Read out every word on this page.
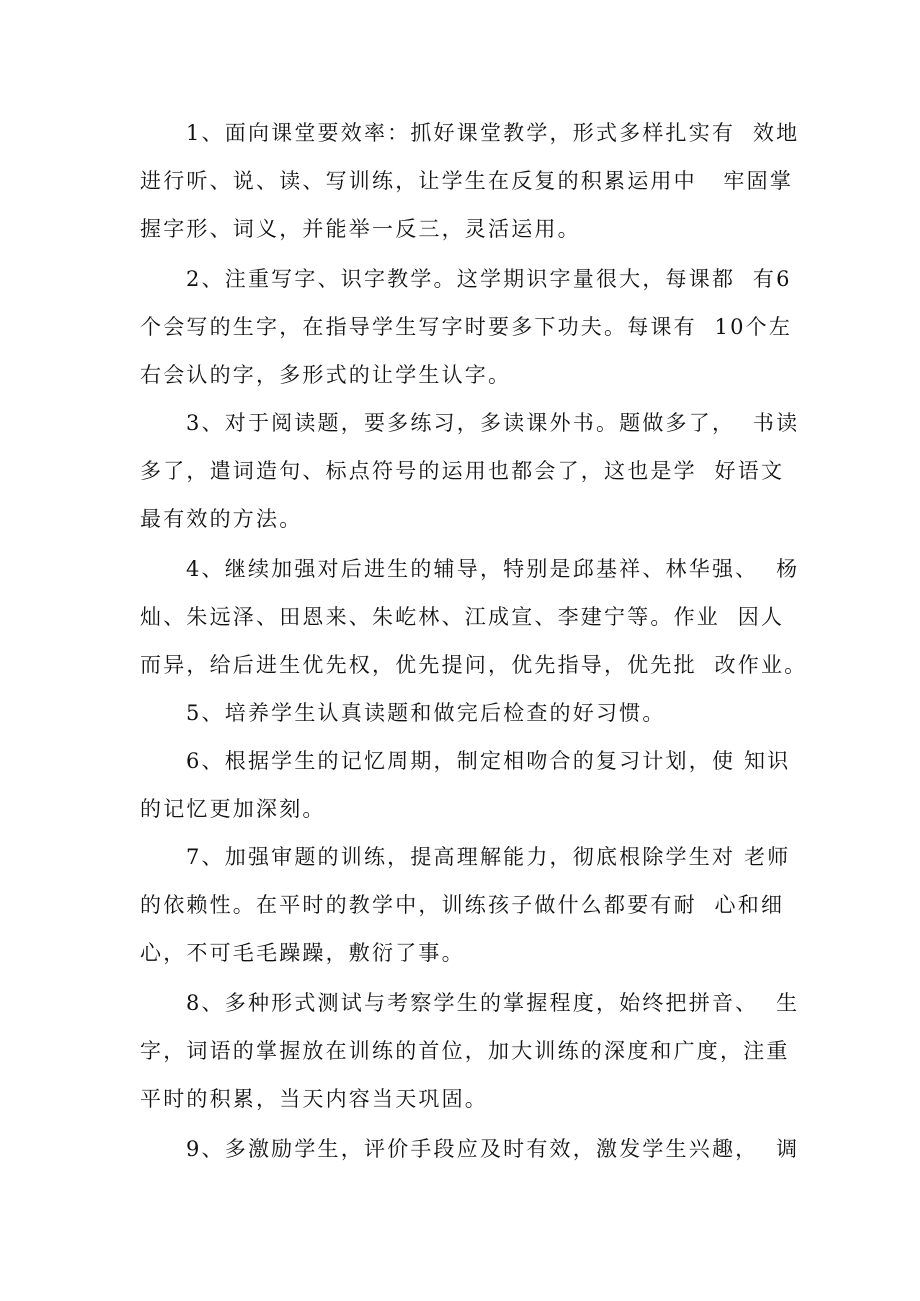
1、面向课堂要效率：抓好课堂教学，形式多样扎实有  效地
进行听、说、读、写训练，让学生在反复的积累运用中   牢固掌
握字形、词义，并能举一反三，灵活运用。
2、注重写字、识字教学。这学期识字量很大，每课都  有6
个会写的生字，在指导学生写字时要多下功夫。每课有  10个左
右会认的字，多形式的让学生认字。
3、对于阅读题，要多练习，多读课外书。题做多了，  书读
多了，遣词造句、标点符号的运用也都会了，这也是学  好语文
最有效的方法。
4、继续加强对后进生的辅导，特别是邱基祥、林华强、  杨
灿、朱远泽、田恩来、朱屹林、江成宣、李建宁等。作业  因人
而异，给后进生优先权，优先提问，优先指导，优先批  改作业。
5、培养学生认真读题和做完后检查的好习惯。
6、根据学生的记忆周期，制定相吻合的复习计划，使 知识
的记忆更加深刻。
7、加强审题的训练，提高理解能力，彻底根除学生对 老师
的依赖性。在平时的教学中，训练孩子做什么都要有耐  心和细
心，不可毛毛躁躁，敷衍了事。
8、多种形式测试与考察学生的掌握程度，始终把拼音、  生
字，词语的掌握放在训练的首位，加大训练的深度和广度，注重
平时的积累，当天内容当天巩固。
9、多激励学生，评价手段应及时有效，激发学生兴趣，  调
